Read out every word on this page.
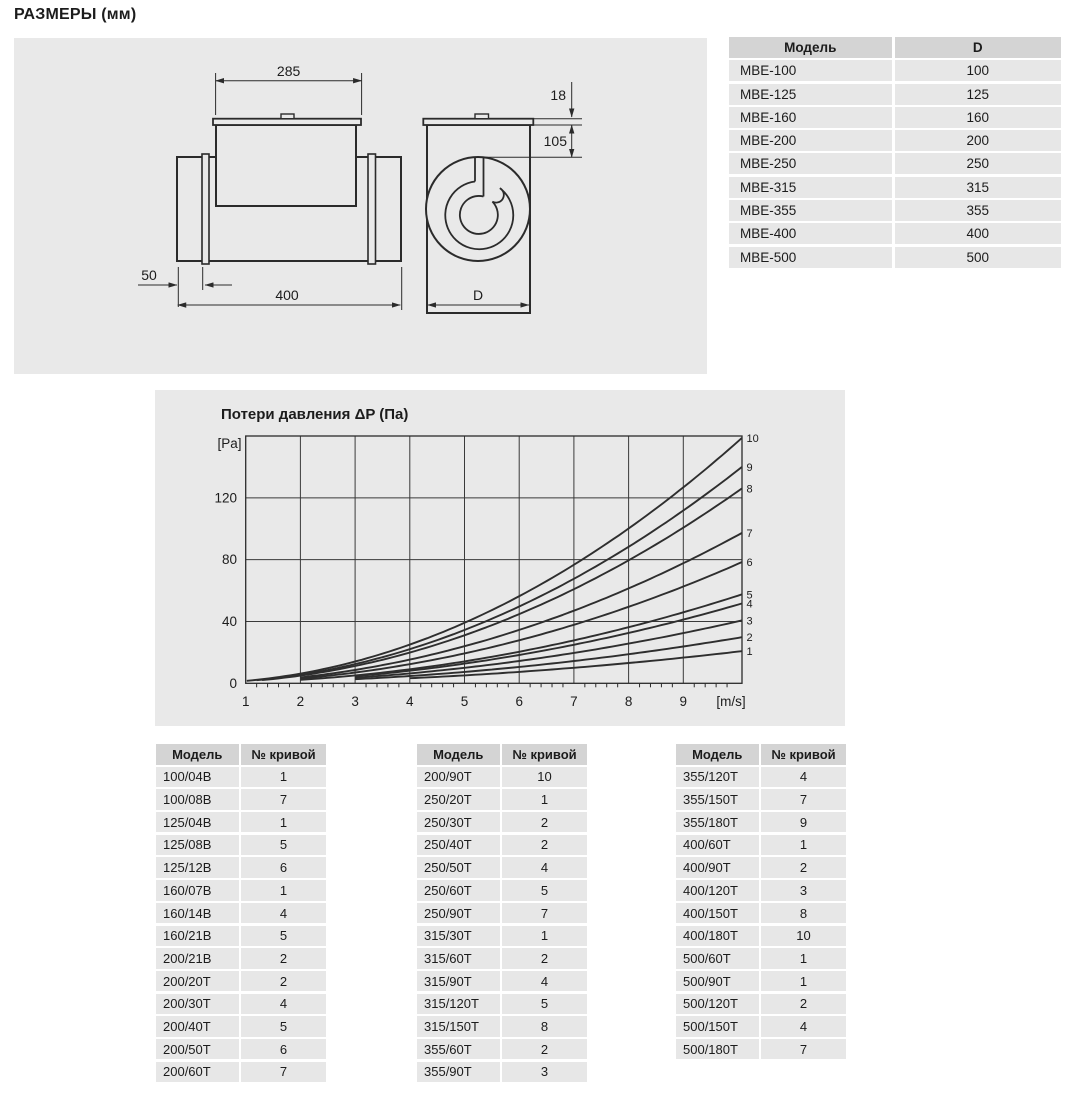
РАЗМЕРЫ (мм)
285
50
400
18
105
D
Модель	D
МВЕ-100	100
МВЕ-125	125
МВЕ-160	160
МВЕ-200	200
МВЕ-250	250
МВЕ-315	315
МВЕ-355	355
МВЕ-400	400
МВЕ-500	500
Потери давления ΔP (Па)
1
2
3
4
5
6
7
8
9
10
1	2	3	4	5	6	7	8	9
0
40
80
120
[m/s]
[Pa]
Модель	№ кривой
100/04B	1
100/08B	7
125/04B	1
125/08B	5
125/12B	6
160/07B	1
160/14B	4
160/21B	5
200/21B	2
200/20T	2
200/30T	4
200/40T	5
200/50T	6
200/60T	7
Модель	№ кривой
200/90T	10
250/20T	1
250/30T	2
250/40T	2
250/50T	4
250/60T	5
250/90T	7
315/30T	1
315/60T	2
315/90T	4
315/120T	5
315/150T	8
355/60T	2
355/90T	3
Модель	№ кривой
355/120T	4
355/150T	7
355/180T	9
400/60T	1
400/90T	2
400/120T	3
400/150T	8
400/180T	10
500/60T	1
500/90T	1
500/120T	2
500/150T	4
500/180T	7
